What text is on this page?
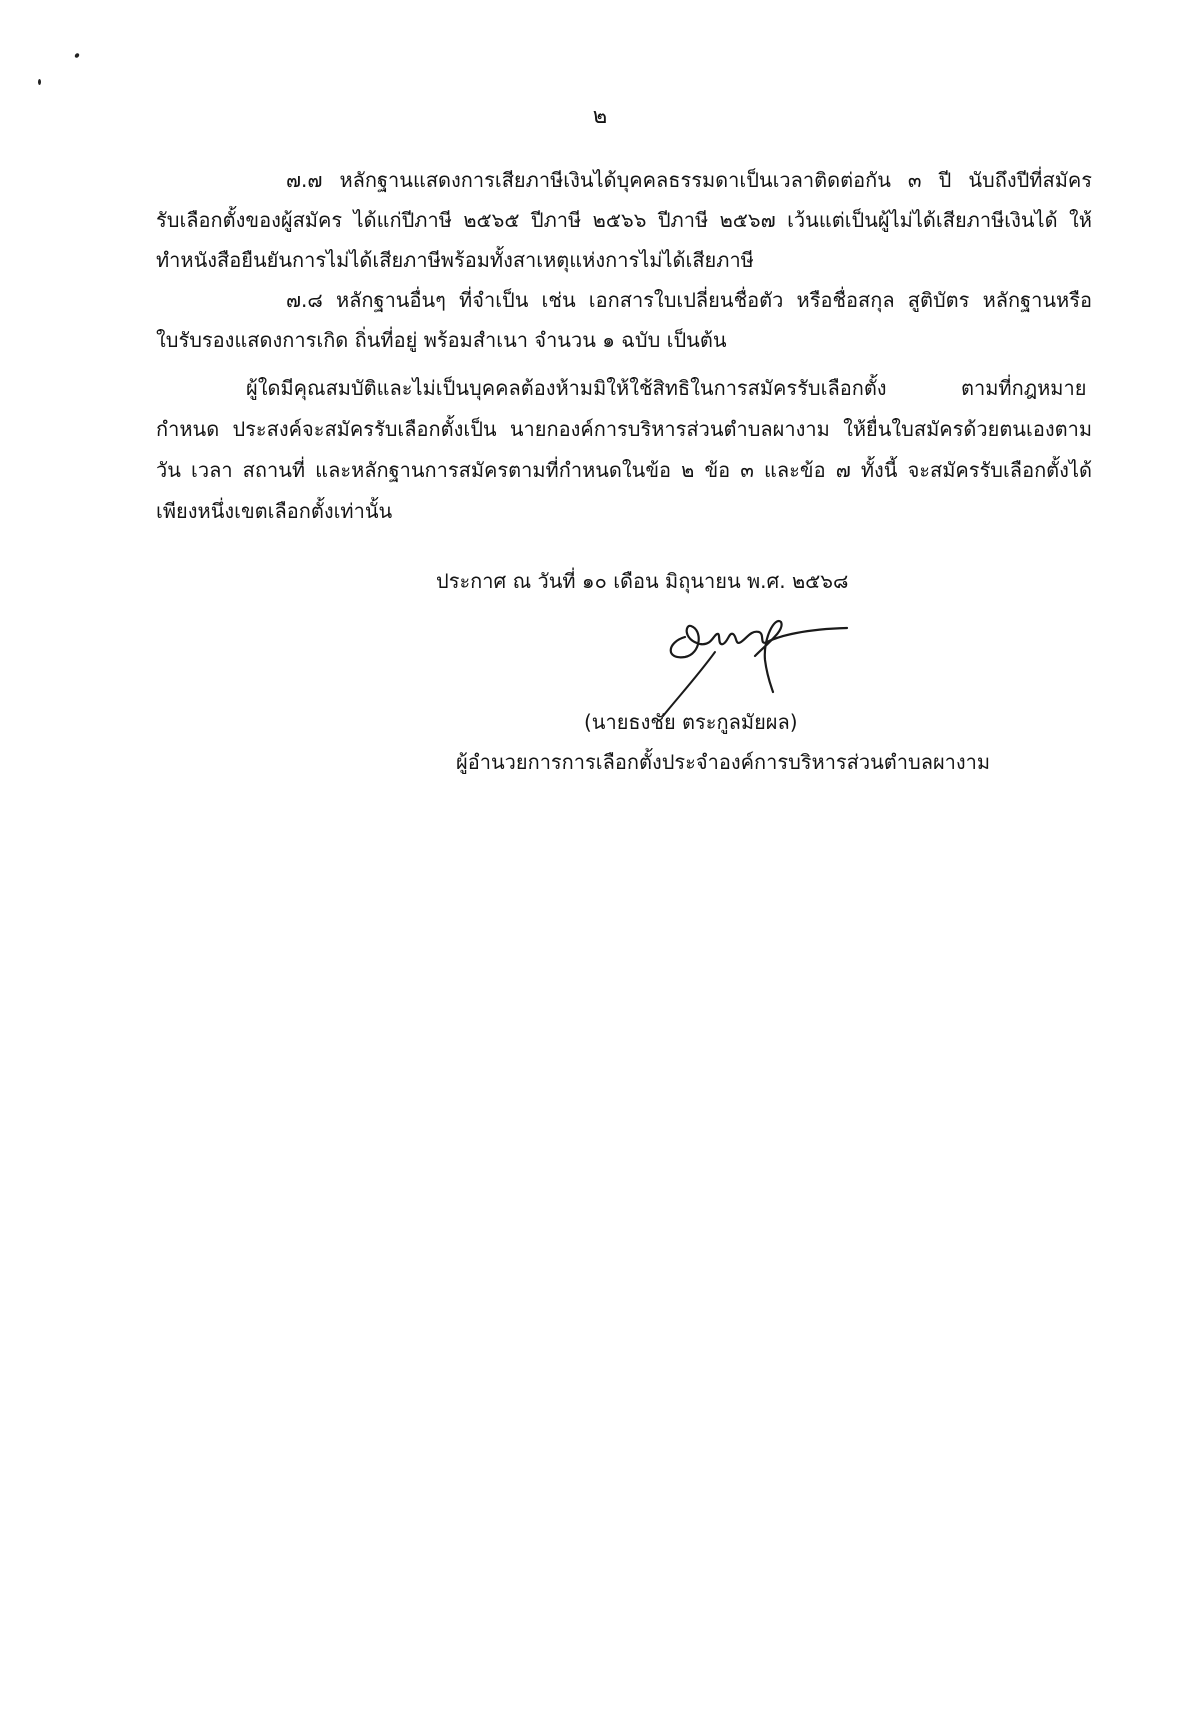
๒
๗.๗ หลักฐานแสดงการเสียภาษีเงินได้บุคคลธรรมดาเป็นเวลาติดต่อกัน ๓ ปี นับถึงปีที่สมัคร
รับเลือกตั้งของผู้สมัคร ได้แก่ปีภาษี ๒๕๖๕ ปีภาษี ๒๕๖๖ ปีภาษี ๒๕๖๗ เว้นแต่เป็นผู้ไม่ได้เสียภาษีเงินได้ ให้
ทำหนังสือยืนยันการไม่ได้เสียภาษีพร้อมทั้งสาเหตุแห่งการไม่ได้เสียภาษี
๗.๘ หลักฐานอื่นๆ ที่จำเป็น เช่น เอกสารใบเปลี่ยนชื่อตัว หรือชื่อสกุล สูติบัตร หลักฐานหรือ
ใบรับรองแสดงการเกิด ถิ่นที่อยู่ พร้อมสำเนา จำนวน ๑ ฉบับ เป็นต้น
ผู้ใดมีคุณสมบัติและไม่เป็นบุคคลต้องห้ามมิให้ใช้สิทธิในการสมัครรับเลือกตั้ง	ตามที่กฎหมาย
กำหนด ประสงค์จะสมัครรับเลือกตั้งเป็น นายกองค์การบริหารส่วนตำบลผางาม ให้ยื่นใบสมัครด้วยตนเองตาม
วัน เวลา สถานที่ และหลักฐานการสมัครตามที่กำหนดในข้อ ๒ ข้อ ๓ และข้อ ๗ ทั้งนี้ จะสมัครรับเลือกตั้งได้
เพียงหนึ่งเขตเลือกตั้งเท่านั้น
ประกาศ ณ วันที่ ๑๐ เดือน มิถุนายน พ.ศ. ๒๕๖๘
(นายธงชัย ตระกูลมัยผล)
ผู้อำนวยการการเลือกตั้งประจำองค์การบริหารส่วนตำบลผางาม
